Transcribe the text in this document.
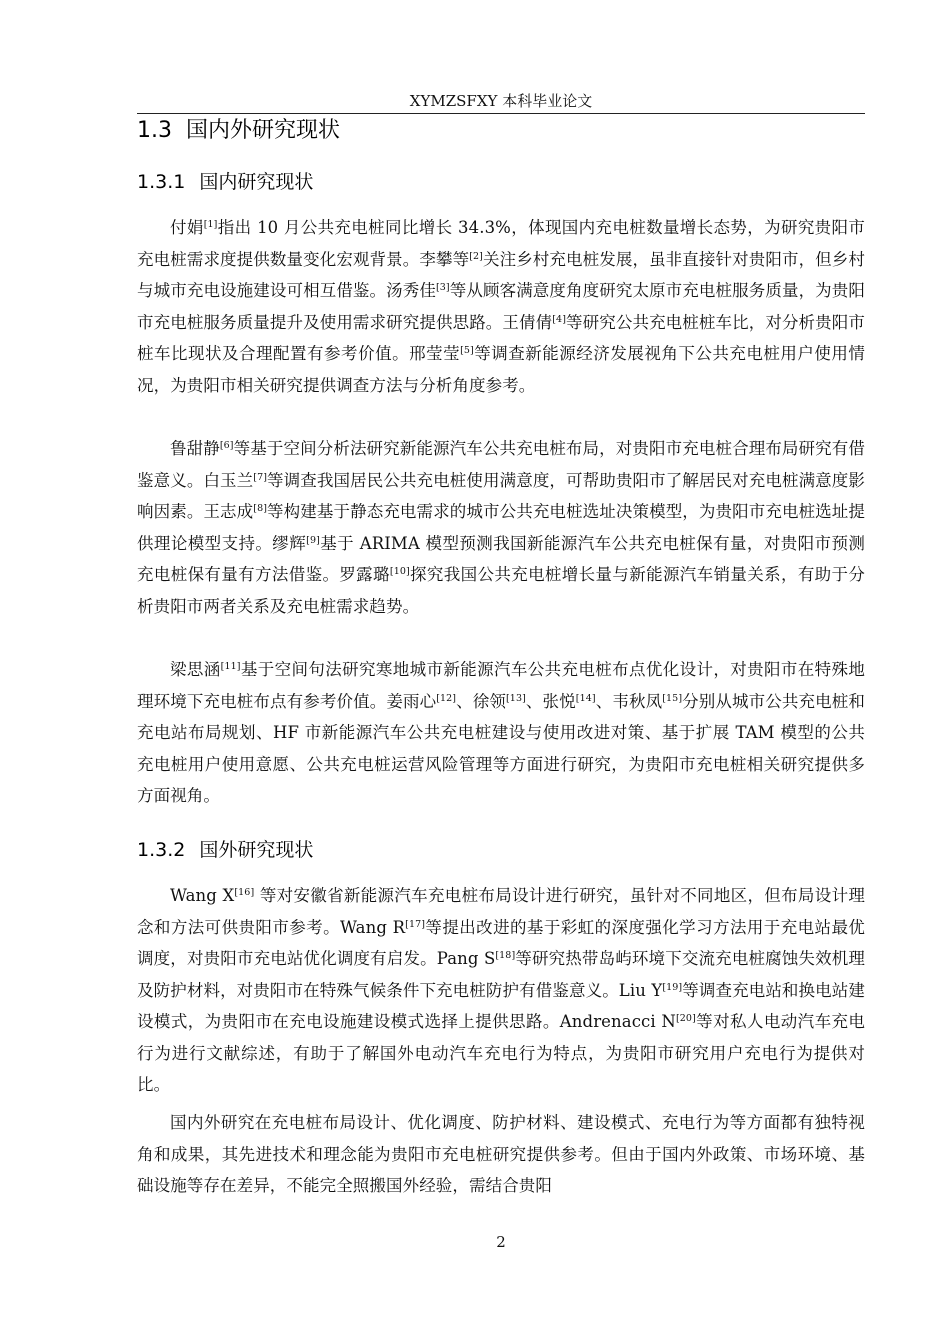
XYMZSFXY 本科毕业论文
1.3 国内外研究现状
1.3.1 国内研究现状

付娟[1]指出 10 月公共充电桩同比增长 34.3%，体现国内充电桩数量增长态势，为研究贵阳市充电桩需求度提供数量变化宏观背景。李攀等[2]关注乡村充电桩发展，虽非直接针对贵阳市，但乡村与城市充电设施建设可相互借鉴。汤秀佳[3]等从顾客满意度角度研究太原市充电桩服务质量，为贵阳市充电桩服务质量提升及使用需求研究提供思路。王倩倩[4]等研究公共充电桩桩车比，对分析贵阳市桩车比现状及合理配置有参考价值。邢莹莹[5]等调查新能源经济发展视角下公共充电桩用户使用情况，为贵阳市相关研究提供调查方法与分析角度参考。

鲁甜静[6]等基于空间分析法研究新能源汽车公共充电桩布局，对贵阳市充电桩合理布局研究有借鉴意义。白玉兰[7]等调查我国居民公共充电桩使用满意度，可帮助贵阳市了解居民对充电桩满意度影响因素。王志成[8]等构建基于静态充电需求的城市公共充电桩选址决策模型，为贵阳市充电桩选址提供理论模型支持。缪辉[9]基于 ARIMA 模型预测我国新能源汽车公共充电桩保有量，对贵阳市预测充电桩保有量有方法借鉴。罗露璐[10]探究我国公共充电桩增长量与新能源汽车销量关系，有助于分析贵阳市两者关系及充电桩需求趋势。

梁思涵[11]基于空间句法研究寒地城市新能源汽车公共充电桩布点优化设计，对贵阳市在特殊地理环境下充电桩布点有参考价值。姜雨心[12]、徐领[13]、张悦[14]、韦秋凤[15]分别从城市公共充电桩和充电站布局规划、HF 市新能源汽车公共充电桩建设与使用改进对策、基于扩展 TAM 模型的公共充电桩用户使用意愿、公共充电桩运营风险管理等方面进行研究，为贵阳市充电桩相关研究提供多方面视角。

1.3.2 国外研究现状

Wang X[16] 等对安徽省新能源汽车充电桩布局设计进行研究，虽针对不同地区，但布局设计理念和方法可供贵阳市参考。Wang R[17]等提出改进的基于彩虹的深度强化学习方法用于充电站最优调度，对贵阳市充电站优化调度有启发。Pang S[18]等研究热带岛屿环境下交流充电桩腐蚀失效机理及防护材料，对贵阳市在特殊气候条件下充电桩防护有借鉴意义。Liu Y[19]等调查充电站和换电站建设模式，为贵阳市在充电设施建设模式选择上提供思路。Andrenacci N[20]等对私人电动汽车充电行为进行文献综述，有助于了解国外电动汽车充电行为特点，为贵阳市研究用户充电行为提供对比。

国内外研究在充电桩布局设计、优化调度、防护材料、建设模式、充电行为等方面都有独特视角和成果，其先进技术和理念能为贵阳市充电桩研究提供参考。但由于国内外政策、市场环境、基础设施等存在差异，不能完全照搬国外经验，需结合贵阳

2
